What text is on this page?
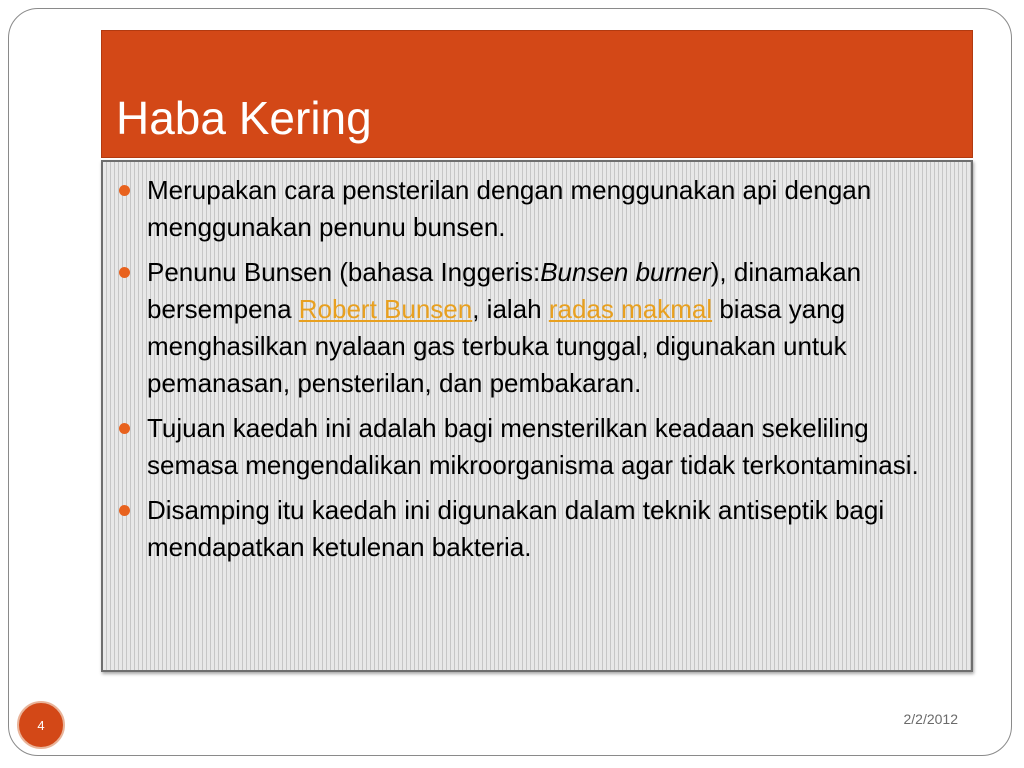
Haba Kering
Merupakan cara pensterilan dengan menggunakan api dengan menggunakan penunu bunsen.
Penunu Bunsen (bahasa Inggeris:Bunsen burner), dinamakan bersempena Robert Bunsen, ialah radas makmal biasa yang menghasilkan nyalaan gas terbuka tunggal, digunakan untuk pemanasan, pensterilan, dan pembakaran.
Tujuan kaedah ini adalah bagi mensterilkan keadaan sekeliling semasa mengendalikan mikroorganisma agar tidak terkontaminasi.
Disamping itu kaedah ini digunakan dalam teknik antiseptik bagi mendapatkan ketulenan bakteria.
4	2/2/2012
